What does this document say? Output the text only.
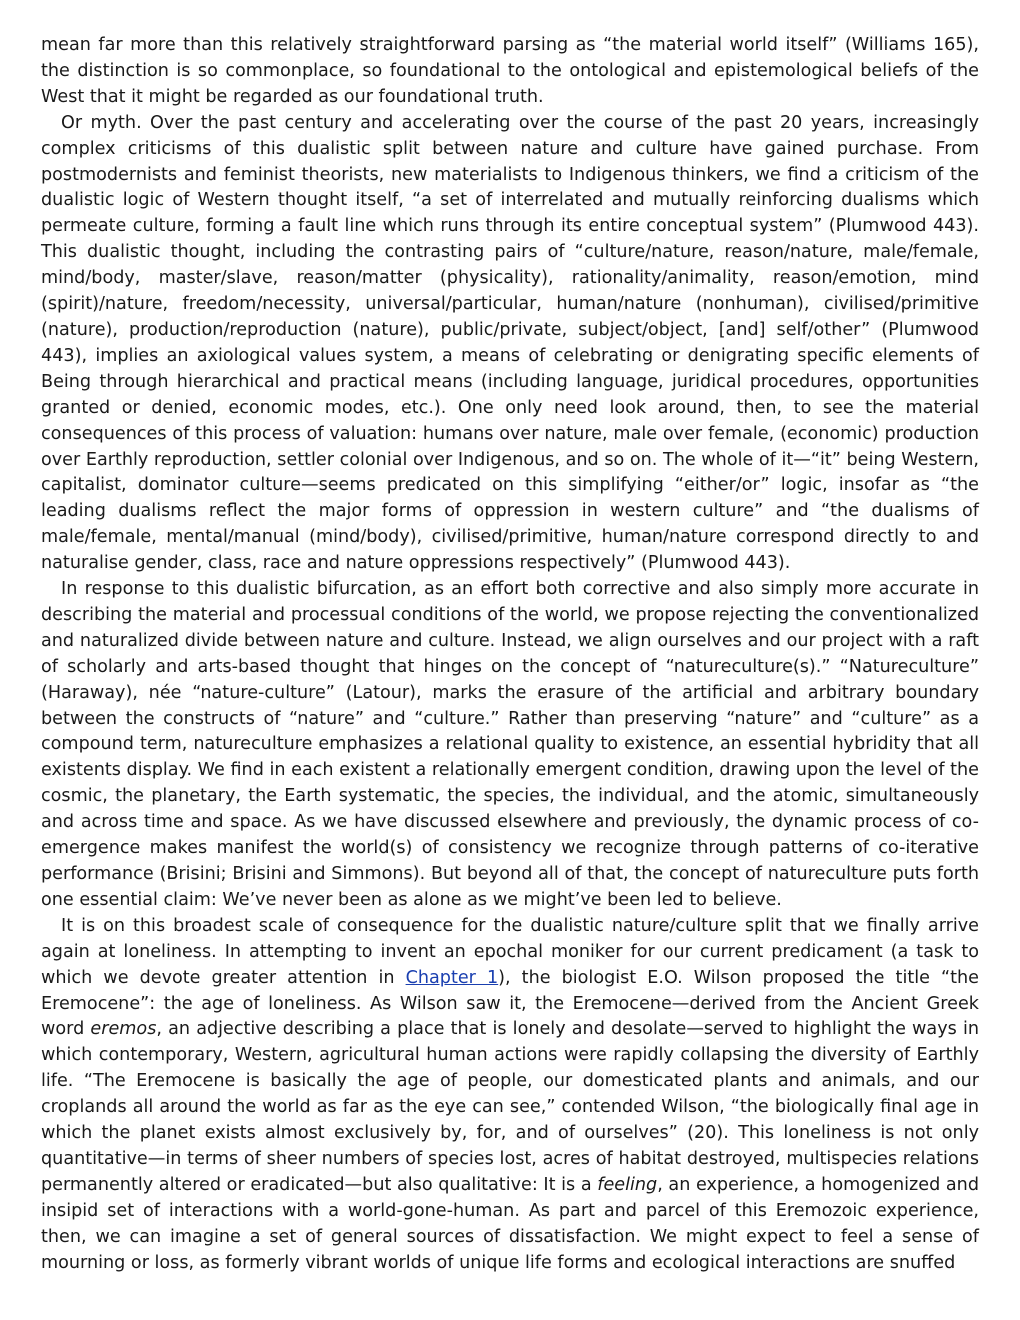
mean far more than this relatively straightforward parsing as “the material world itself” (Williams 165), the distinction is so commonplace, so foundational to the ontological and epistemological beliefs of the West that it might be regarded as our foundational truth.

Or myth. Over the past century and accelerating over the course of the past 20 years, increasingly complex criticisms of this dualistic split between nature and culture have gained purchase. From postmodernists and feminist theorists, new materialists to Indigenous thinkers, we find a criticism of the dualistic logic of Western thought itself, “a set of interrelated and mutually reinforcing dualisms which permeate culture, forming a fault line which runs through its entire conceptual system” (Plumwood 443). This dualistic thought, including the contrasting pairs of “culture/nature, reason/nature, male/female, mind/body, master/slave, reason/matter (physicality), rationality/animality, reason/emotion, mind (spirit)/nature, freedom/necessity, universal/particular, human/nature (nonhuman), civilised/primitive (nature), production/reproduction (nature), public/private, subject/object, [and] self/other” (Plumwood 443), implies an axiological values system, a means of celebrating or denigrating specific elements of Being through hierarchical and practical means (including language, juridical procedures, opportunities granted or denied, economic modes, etc.). One only need look around, then, to see the material consequences of this process of valuation: humans over nature, male over female, (economic) production over Earthly reproduction, settler colonial over Indigenous, and so on. The whole of it—“it” being Western, capitalist, dominator culture—seems predicated on this simplifying “either/or” logic, insofar as “the leading dualisms reflect the major forms of oppression in western culture” and “the dualisms of male/female, mental/manual (mind/body), civilised/primitive, human/nature correspond directly to and naturalise gender, class, race and nature oppressions respectively” (Plumwood 443).

In response to this dualistic bifurcation, as an effort both corrective and also simply more accurate in describing the material and processual conditions of the world, we propose rejecting the conventionalized and naturalized divide between nature and culture. Instead, we align ourselves and our project with a raft of scholarly and arts-based thought that hinges on the concept of “natureculture(s).” “Natureculture” (Haraway), née “nature-culture” (Latour), marks the erasure of the artificial and arbitrary boundary between the constructs of “nature” and “culture.” Rather than preserving “nature” and “culture” as a compound term, natureculture emphasizes a relational quality to existence, an essential hybridity that all existents display. We find in each existent a relationally emergent condition, drawing upon the level of the cosmic, the planetary, the Earth systematic, the species, the individual, and the atomic, simultaneously and across time and space. As we have discussed elsewhere and previously, the dynamic process of co-emergence makes manifest the world(s) of consistency we recognize through patterns of co-iterative performance (Brisini; Brisini and Simmons). But beyond all of that, the concept of natureculture puts forth one essential claim: We’ve never been as alone as we might’ve been led to believe.

It is on this broadest scale of consequence for the dualistic nature/culture split that we finally arrive again at loneliness. In attempting to invent an epochal moniker for our current predicament (a task to which we devote greater attention in Chapter 1), the biologist E.O. Wilson proposed the title “the Eremocene”: the age of loneliness. As Wilson saw it, the Eremocene—derived from the Ancient Greek word eremos, an adjective describing a place that is lonely and desolate—served to highlight the ways in which contemporary, Western, agricultural human actions were rapidly collapsing the diversity of Earthly life. “The Eremocene is basically the age of people, our domesticated plants and animals, and our croplands all around the world as far as the eye can see,” contended Wilson, “the biologically final age in which the planet exists almost exclusively by, for, and of ourselves” (20). This loneliness is not only quantitative—in terms of sheer numbers of species lost, acres of habitat destroyed, multispecies relations permanently altered or eradicated—but also qualitative: It is a feeling, an experience, a homogenized and insipid set of interactions with a world-gone-human. As part and parcel of this Eremozoic experience, then, we can imagine a set of general sources of dissatisfaction. We might expect to feel a sense of mourning or loss, as formerly vibrant worlds of unique life forms and ecological interactions are snuffed
